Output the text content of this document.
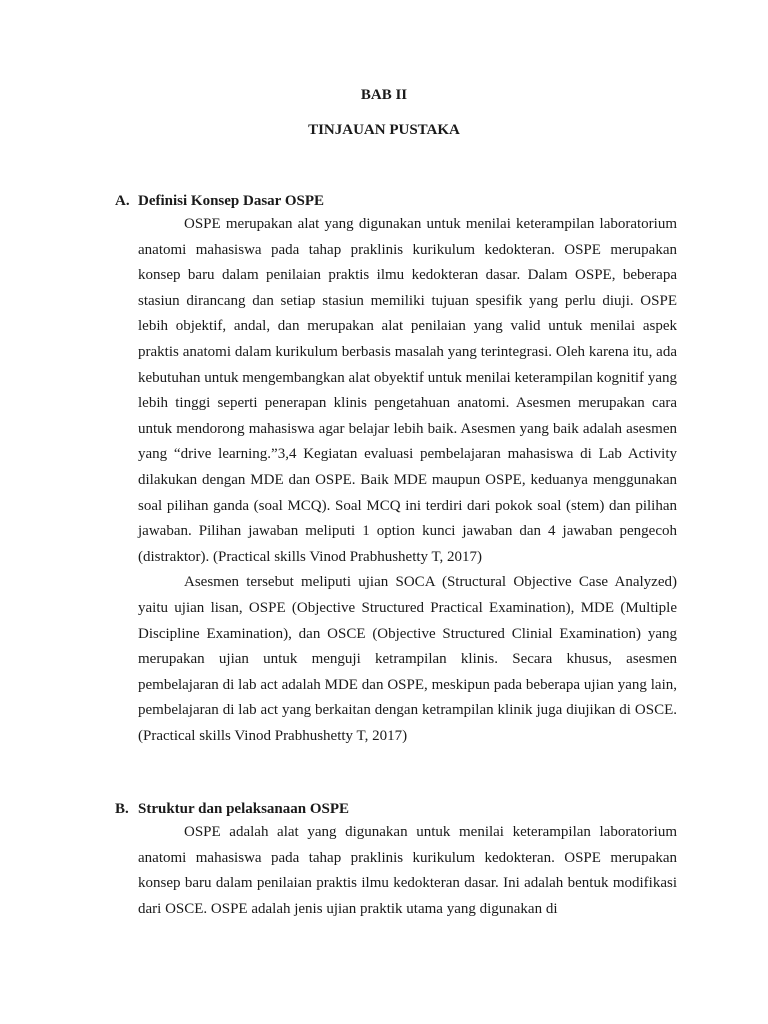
BAB II
TINJAUAN PUSTAKA
A. Definisi Konsep Dasar OSPE

OSPE merupakan alat yang digunakan untuk menilai keterampilan laboratorium anatomi mahasiswa pada tahap praklinis kurikulum kedokteran. OSPE merupakan konsep baru dalam penilaian praktis ilmu kedokteran dasar. Dalam OSPE, beberapa stasiun dirancang dan setiap stasiun memiliki tujuan spesifik yang perlu diuji. OSPE lebih objektif, andal, dan merupakan alat penilaian yang valid untuk menilai aspek praktis anatomi dalam kurikulum berbasis masalah yang terintegrasi. Oleh karena itu, ada kebutuhan untuk mengembangkan alat obyektif untuk menilai keterampilan kognitif yang lebih tinggi seperti penerapan klinis pengetahuan anatomi. Asesmen merupakan cara untuk mendorong mahasiswa agar belajar lebih baik. Asesmen yang baik adalah asesmen yang “drive learning.”3,4 Kegiatan evaluasi pembelajaran mahasiswa di Lab Activity dilakukan dengan MDE dan OSPE. Baik MDE maupun OSPE, keduanya menggunakan soal pilihan ganda (soal MCQ). Soal MCQ ini terdiri dari pokok soal (stem) dan pilihan jawaban. Pilihan jawaban meliputi 1 option kunci jawaban dan 4 jawaban pengecoh (distraktor). (Practical skills Vinod Prabhushetty T, 2017)

Asesmen tersebut meliputi ujian SOCA (Structural Objective Case Analyzed) yaitu ujian lisan, OSPE (Objective Structured Practical Examination), MDE (Multiple Discipline Examination), dan OSCE (Objective Structured Clinial Examination) yang merupakan ujian untuk menguji ketrampilan klinis. Secara khusus, asesmen pembelajaran di lab act adalah MDE dan OSPE, meskipun pada beberapa ujian yang lain, pembelajaran di lab act yang berkaitan dengan ketrampilan klinik juga diujikan di OSCE. (Practical skills Vinod Prabhushetty T, 2017)

B. Struktur dan pelaksanaan OSPE

OSPE adalah alat yang digunakan untuk menilai keterampilan laboratorium anatomi mahasiswa pada tahap praklinis kurikulum kedokteran. OSPE merupakan konsep baru dalam penilaian praktis ilmu kedokteran dasar. Ini adalah bentuk modifikasi dari OSCE. OSPE adalah jenis ujian praktik utama yang digunakan di
